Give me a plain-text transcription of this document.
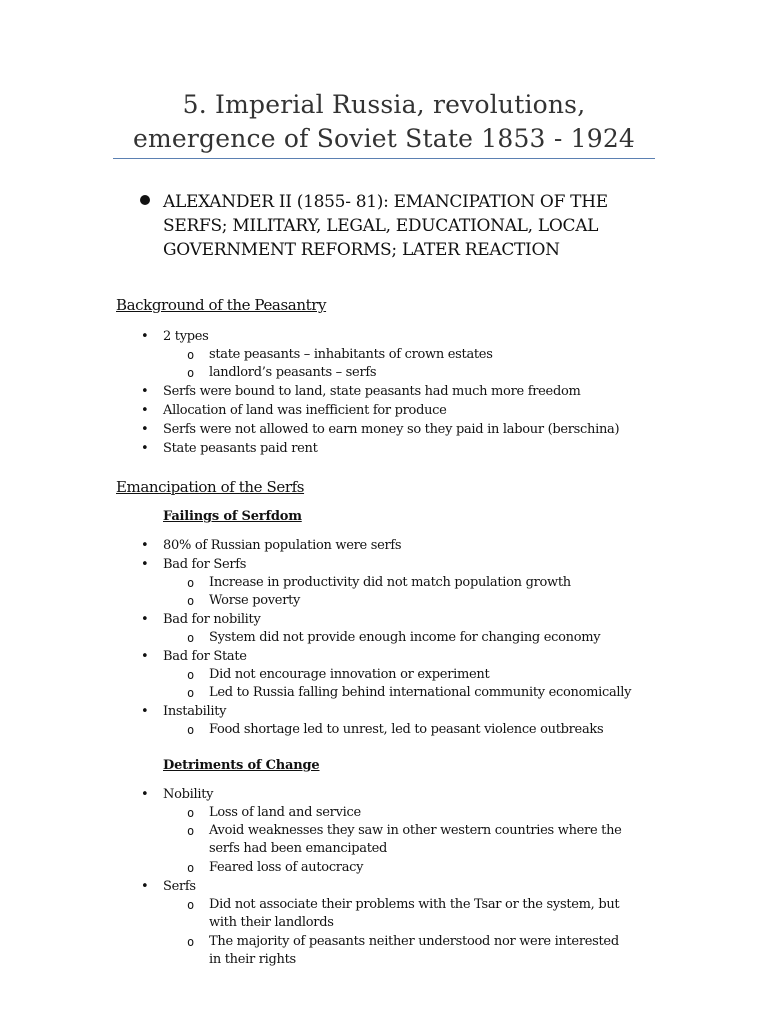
5. Imperial Russia, revolutions,
emergence of Soviet State 1853 - 1924
ALEXANDER II (1855- 81): EMANCIPATION OF THE
SERFS; MILITARY, LEGAL, EDUCATIONAL, LOCAL
GOVERNMENT REFORMS; LATER REACTION
Background of the Peasantry
• 2 types
o state peasants – inhabitants of crown estates
o landlord’s peasants – serfs
• Serfs were bound to land, state peasants had much more freedom
• Allocation of land was inefficient for produce
• Serfs were not allowed to earn money so they paid in labour (berschina)
• State peasants paid rent
Emancipation of the Serfs
Failings of Serfdom
• 80% of Russian population were serfs
• Bad for Serfs
o Increase in productivity did not match population growth
o Worse poverty
• Bad for nobility
o System did not provide enough income for changing economy
• Bad for State
o Did not encourage innovation or experiment
o Led to Russia falling behind international community economically
• Instability
o Food shortage led to unrest, led to peasant violence outbreaks
Detriments of Change
• Nobility
o Loss of land and service
o Avoid weaknesses they saw in other western countries where the
serfs had been emancipated
o Feared loss of autocracy
• Serfs
o Did not associate their problems with the Tsar or the system, but
with their landlords
o The majority of peasants neither understood nor were interested
in their rights
